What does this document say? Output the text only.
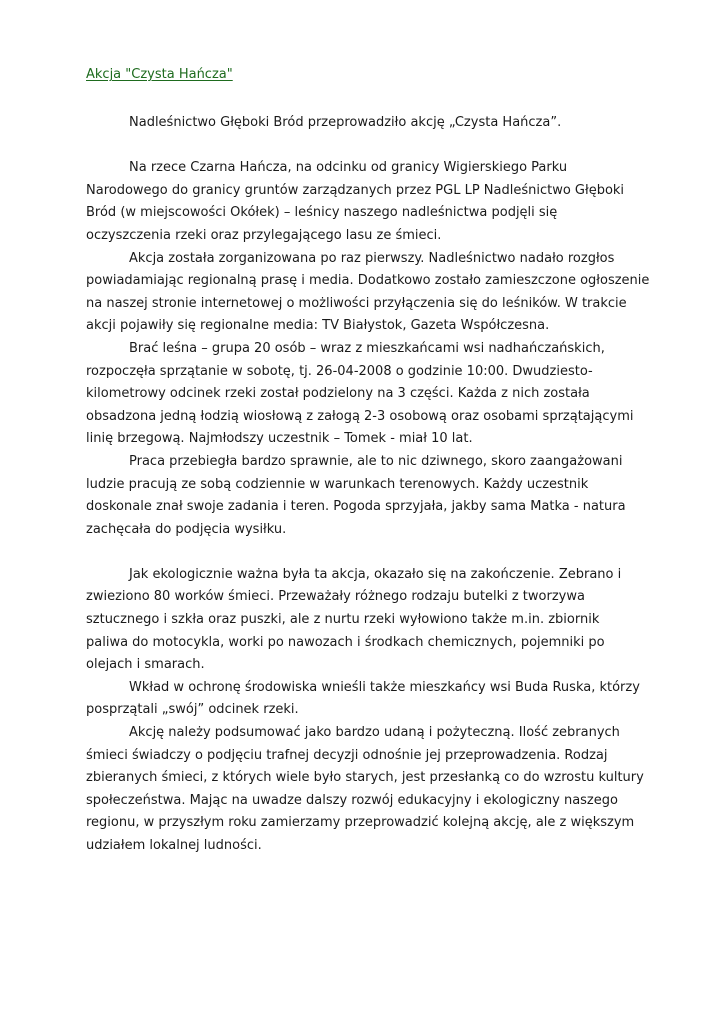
Akcja "Czysta Hańcza"
Nadleśnictwo Głęboki Bród przeprowadziło akcję „Czysta Hańcza”.
Na rzece Czarna Hańcza, na odcinku od granicy Wigierskiego Parku
Narodowego do granicy gruntów zarządzanych przez PGL LP Nadleśnictwo Głęboki
Bród (w miejscowości Okółek) – leśnicy naszego nadleśnictwa podjęli się
oczyszczenia rzeki oraz przylegającego lasu ze śmieci.
Akcja została zorganizowana po raz pierwszy. Nadleśnictwo nadało rozgłos
powiadamiając regionalną prasę i media. Dodatkowo zostało zamieszczone ogłoszenie
na naszej stronie internetowej o możliwości przyłączenia się do leśników. W trakcie
akcji pojawiły się regionalne media: TV Białystok, Gazeta Współczesna.
Brać leśna – grupa 20 osób – wraz z mieszkańcami wsi nadhańczańskich,
rozpoczęła sprzątanie w sobotę, tj. 26-04-2008 o godzinie 10:00. Dwudziesto-
kilometrowy odcinek rzeki został podzielony na 3 części. Każda z nich została
obsadzona jedną łodzią wiosłową z załogą 2-3 osobową oraz osobami sprzątającymi
linię brzegową. Najmłodszy uczestnik – Tomek - miał 10 lat.
Praca przebiegła bardzo sprawnie, ale to nic dziwnego, skoro zaangażowani
ludzie pracują ze sobą codziennie w warunkach terenowych. Każdy uczestnik
doskonale znał swoje zadania i teren. Pogoda sprzyjała, jakby sama Matka - natura
zachęcała do podjęcia wysiłku.
Jak ekologicznie ważna była ta akcja, okazało się na zakończenie. Zebrano i
zwieziono 80 worków śmieci. Przeważały różnego rodzaju butelki z tworzywa
sztucznego i szkła oraz puszki, ale z nurtu rzeki wyłowiono także m.in. zbiornik
paliwa do motocykla, worki po nawozach i środkach chemicznych, pojemniki po
olejach i smarach.
Wkład w ochronę środowiska wnieśli także mieszkańcy wsi Buda Ruska, którzy
posprzątali „swój” odcinek rzeki.
Akcję należy podsumować jako bardzo udaną i pożyteczną. Ilość zebranych
śmieci świadczy o podjęciu trafnej decyzji odnośnie jej przeprowadzenia. Rodzaj
zbieranych śmieci, z których wiele było starych, jest przesłanką co do wzrostu kultury
społeczeństwa. Mając na uwadze dalszy rozwój edukacyjny i ekologiczny naszego
regionu, w przyszłym roku zamierzamy przeprowadzić kolejną akcję, ale z większym
udziałem lokalnej ludności.
